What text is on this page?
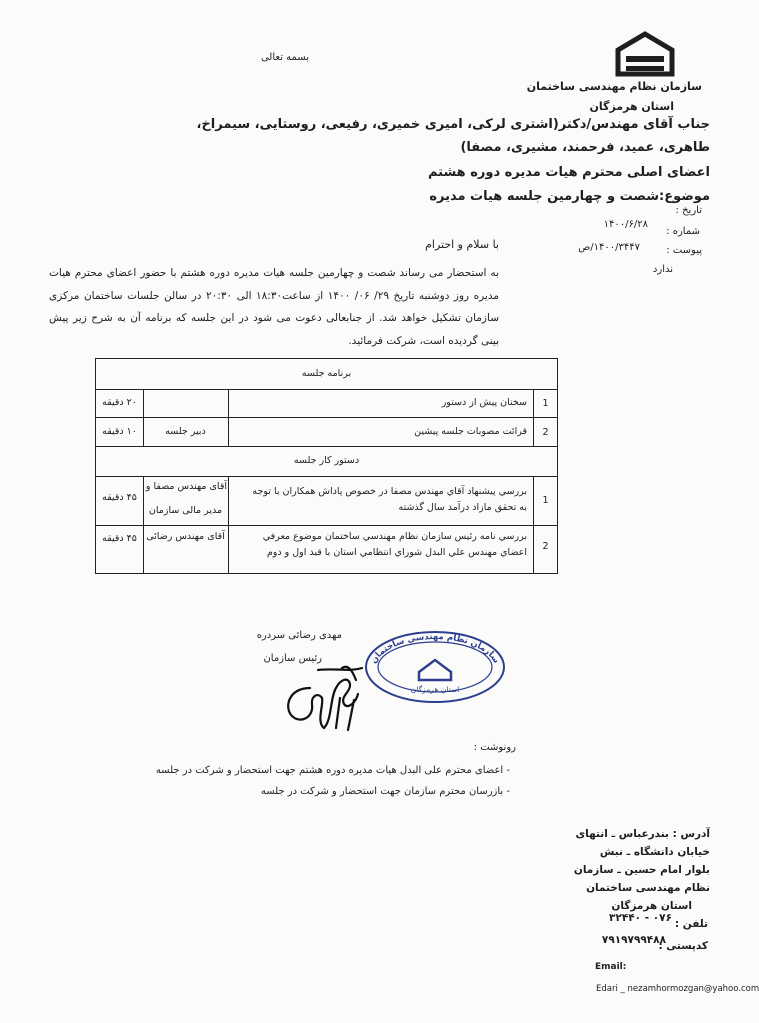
سازمان نظام مهندسی ساختمان
استان هرمزگان
بسمه تعالی
جناب آقای مهندس/دکتر(اشتری لرکی، امیری خمیری، رفیعی، روستایی، سیمراخ،
طاهری، عمید، فرحمند، مشیری، مصفا)
اعضای اصلی محترم هیات مدیره دوره هشتم
موضوع:شصت و چهارمین جلسه هیات مدیره
تاریخ :
شماره :
۱۴۰۰/۶/۲۸
پیوست :
۱۴۰۰/۳۴۴۷/ص
ندارد
با سلام و احترام
به استحضار می رساند شصت و چهارمین جلسه هیات مدیره دوره هشتم با حضور اعضای محترم هیات مدیره روز دوشنبه تاریخ ۲۹/ ۰۶/ ۱۴۰۰ از ساعت۱۸:۳۰ الی ۲۰:۳۰ در سالن جلسات ساختمان مرکزی سازمان تشکیل خواهد شد. از جنابعالی دعوت می شود در این جلسه که برنامه آن به شرح زیر پیش بینی گردیده است، شرکت فرمائید.
برنامه جلسه
1
سخنان پیش از دستور
۲۰ دقیقه
2
قرائت مصوبات جلسه پیشین
دبیر جلسه
۱۰ دقیقه
دستور کار جلسه
1
بررسي پيشنهاد آقاي مهندس مصفا در خصوص پاداش همکاران با توجه
به تحقق مازاد درآمد سال گذشته
آقای مهندس مصفا و
مدیر مالی سازمان
۴۵ دقیقه
2
بررسي نامه رئيس سازمان نظام مهندسي ساختمان موضوع معرفي
اعضاي مهندس علي البدل شوراي انتظامي استان با قيد اول و دوم
آقای مهندس رضائی
۴۵ دقیقه
مهدی رضائی سردره
رئیس سازمان	سازمان نظام مهندسی ساختمان
استان هرمزگان
رونوشت :
- اعضای محترم علی البدل هیات مدیره دوره هشتم جهت استحضار و شرکت در جلسه
- بازرسان محترم سازمان جهت استحضار و شرکت در جلسه
آدرس : بندرعباس ـ انتهای
خیابان دانشگاه ـ نبش
بلوار امام حسین ـ سازمان
نظام مهندسی ساختمان
استان هرمزگان
تلفن :
۰۷۶ - ۳۲۴۴۰
کدپستی :
۷۹۱۹۷۹۹۴۸۸
Email:
Edari _ nezamhormozgan@yahoo.com
